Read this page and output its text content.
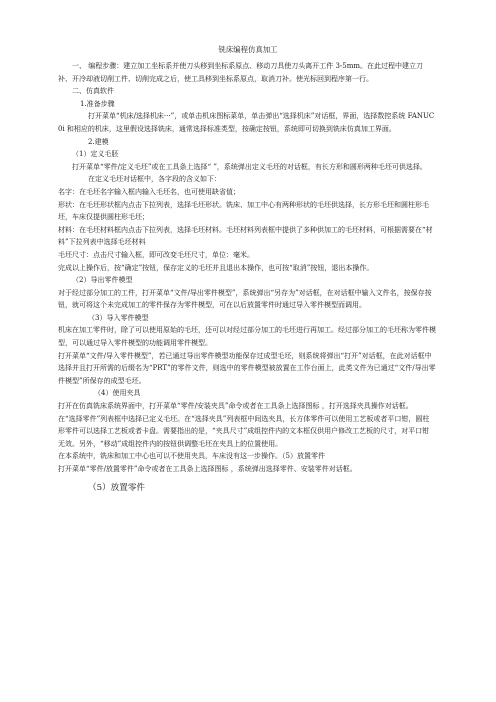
铣床编程仿真加工

一、 编程步骤：建立加工坐标系并使刀头移到坐标系原点、移动刀具使刀头离开工件 3-5mm。在此过程中建立刀补、开冷却液切削工件、切削完成之后，使工具移到坐标系原点，取消刀补。使光标回到程序第一行。

二、仿真软件

1.准备步骤

打开菜单“机床/选择机床···”，或单击机床图标菜单，单击弹出“选择机床”对话框，界面，选择数控系统 FANUC0i 和相应的机床，这里假设选择铣床，通常选择标准类型，按确定按钮，系统即可切换到铣床仿真加工界面。

2.建模

（1）定义毛胚

打开菜单“零件/定义毛坯”或在工具条上选择“ ”，系统弹出定义毛坯的对话框，有长方形和圆形两种毛坯可供选择。

在定义毛坯对话框中，各字段的含义如下：

名字：在毛坯名字输入框内输入毛坯名，也可使用缺省值；

形状：在毛坯形状框内点击下拉列表，选择毛坯形状。铣床、加工中心有两种形状的毛坯供选择，长方形毛坯和圆柱形毛坯，车床仅提供圆柱形毛坯；

材料：在毛坯材料框内点击下拉列表，选择毛坯材料。毛坯材料列表框中提供了多种供加工的毛坯材料，可根据需要在“材料”下拉列表中选择毛坯材料

毛坯尺寸：点击尺寸输入框，即可改变毛坯尺寸，单位：毫米。

完成以上操作后，按“确定”按钮，保存定义的毛坯并且退出本操作，也可按“取消”按钮，退出本操作。

（2）导出零件模型

对于经过部分加工的工件，打开菜单“文件/导出零件模型”，系统弹出“另存为”对话框，在对话框中输入文件名，按保存按钮，就可将这个未完成加工的零件保存为零件模型，可在以后放置零件时通过导入零件模型而调用。

（3）导入零件模型

机床在加工零件时，除了可以使用原始的毛坯，还可以对经过部分加工的毛坯进行再加工。经过部分加工的毛坯称为零件模型，可以通过导入零件模型的功能调用零件模型。

打开菜单“文件/导入零件模型”，若已通过导出零件模型功能保存过成型毛坯，则系统将弹出“打开”对话框，在此对话框中选择并且打开所需的后缀名为“PRT”的零件文件，则选中的零件模型被放置在工作台面上，此类文件为已通过“文件/导出零件模型”所保存的成型毛坯。

（4）使用夹具

打开在仿真铣床系统界面中，打开菜单“零件/安装夹具”命令或者在工具条上选择图标 ，打开选择夹具操作对话框。

在“选择零件”列表框中选择已定义毛坯。在“选择夹具”列表框中间选夹具，长方体零件可以使用工艺板或者平口钳，圆柱形零件可以选择工艺板或者卡盘。需要指出的是，“夹具尺寸”成组控件内的文本框仅供用户修改工艺板的尺寸，对平口钳无效。另外，“移动”成组控件内的按钮供调整毛坯在夹具上的位置使用。

在本系统中，铣床和加工中心也可以不使用夹具，车床没有这一步操作。（5）放置零件

打开菜单“零件/放置零件”命令或者在工具条上选择图标 ，系统弹出选择零件、安装零件对话框。

（5）放置零件
